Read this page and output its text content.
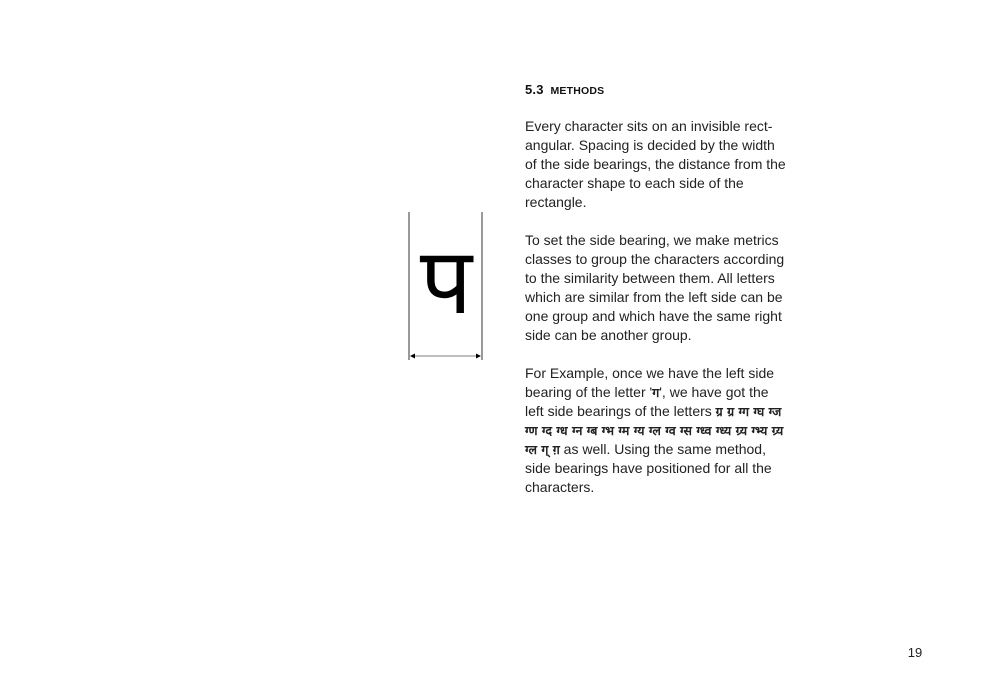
प
5.3 METHODS

Every character sits on an invisible rect-angular. Spacing is decided by the width of the side bearings, the distance from the character shape to each side of the rectangle.

To set the side bearing, we make metrics classes to group the characters according to the similarity between them. All letters which are similar from the left side can be one group and which have the same right side can be another group.

For Example, once we have the left side bearing of the letter 'ग', we have got the left side bearings of the letters ग्र ग्र ग्ग ग्घ ग्ज ग्ण ग्द ग्ध ग्न ग्ब ग्भ ग्म ग्य ग्ल ग्व ग्स ग्ध्व ग्ध्य ग्र्य ग्भ्य ग्र्य ग्ल ग् ग़ as well. Using the same method, side bearings have positioned for all the characters.

19
